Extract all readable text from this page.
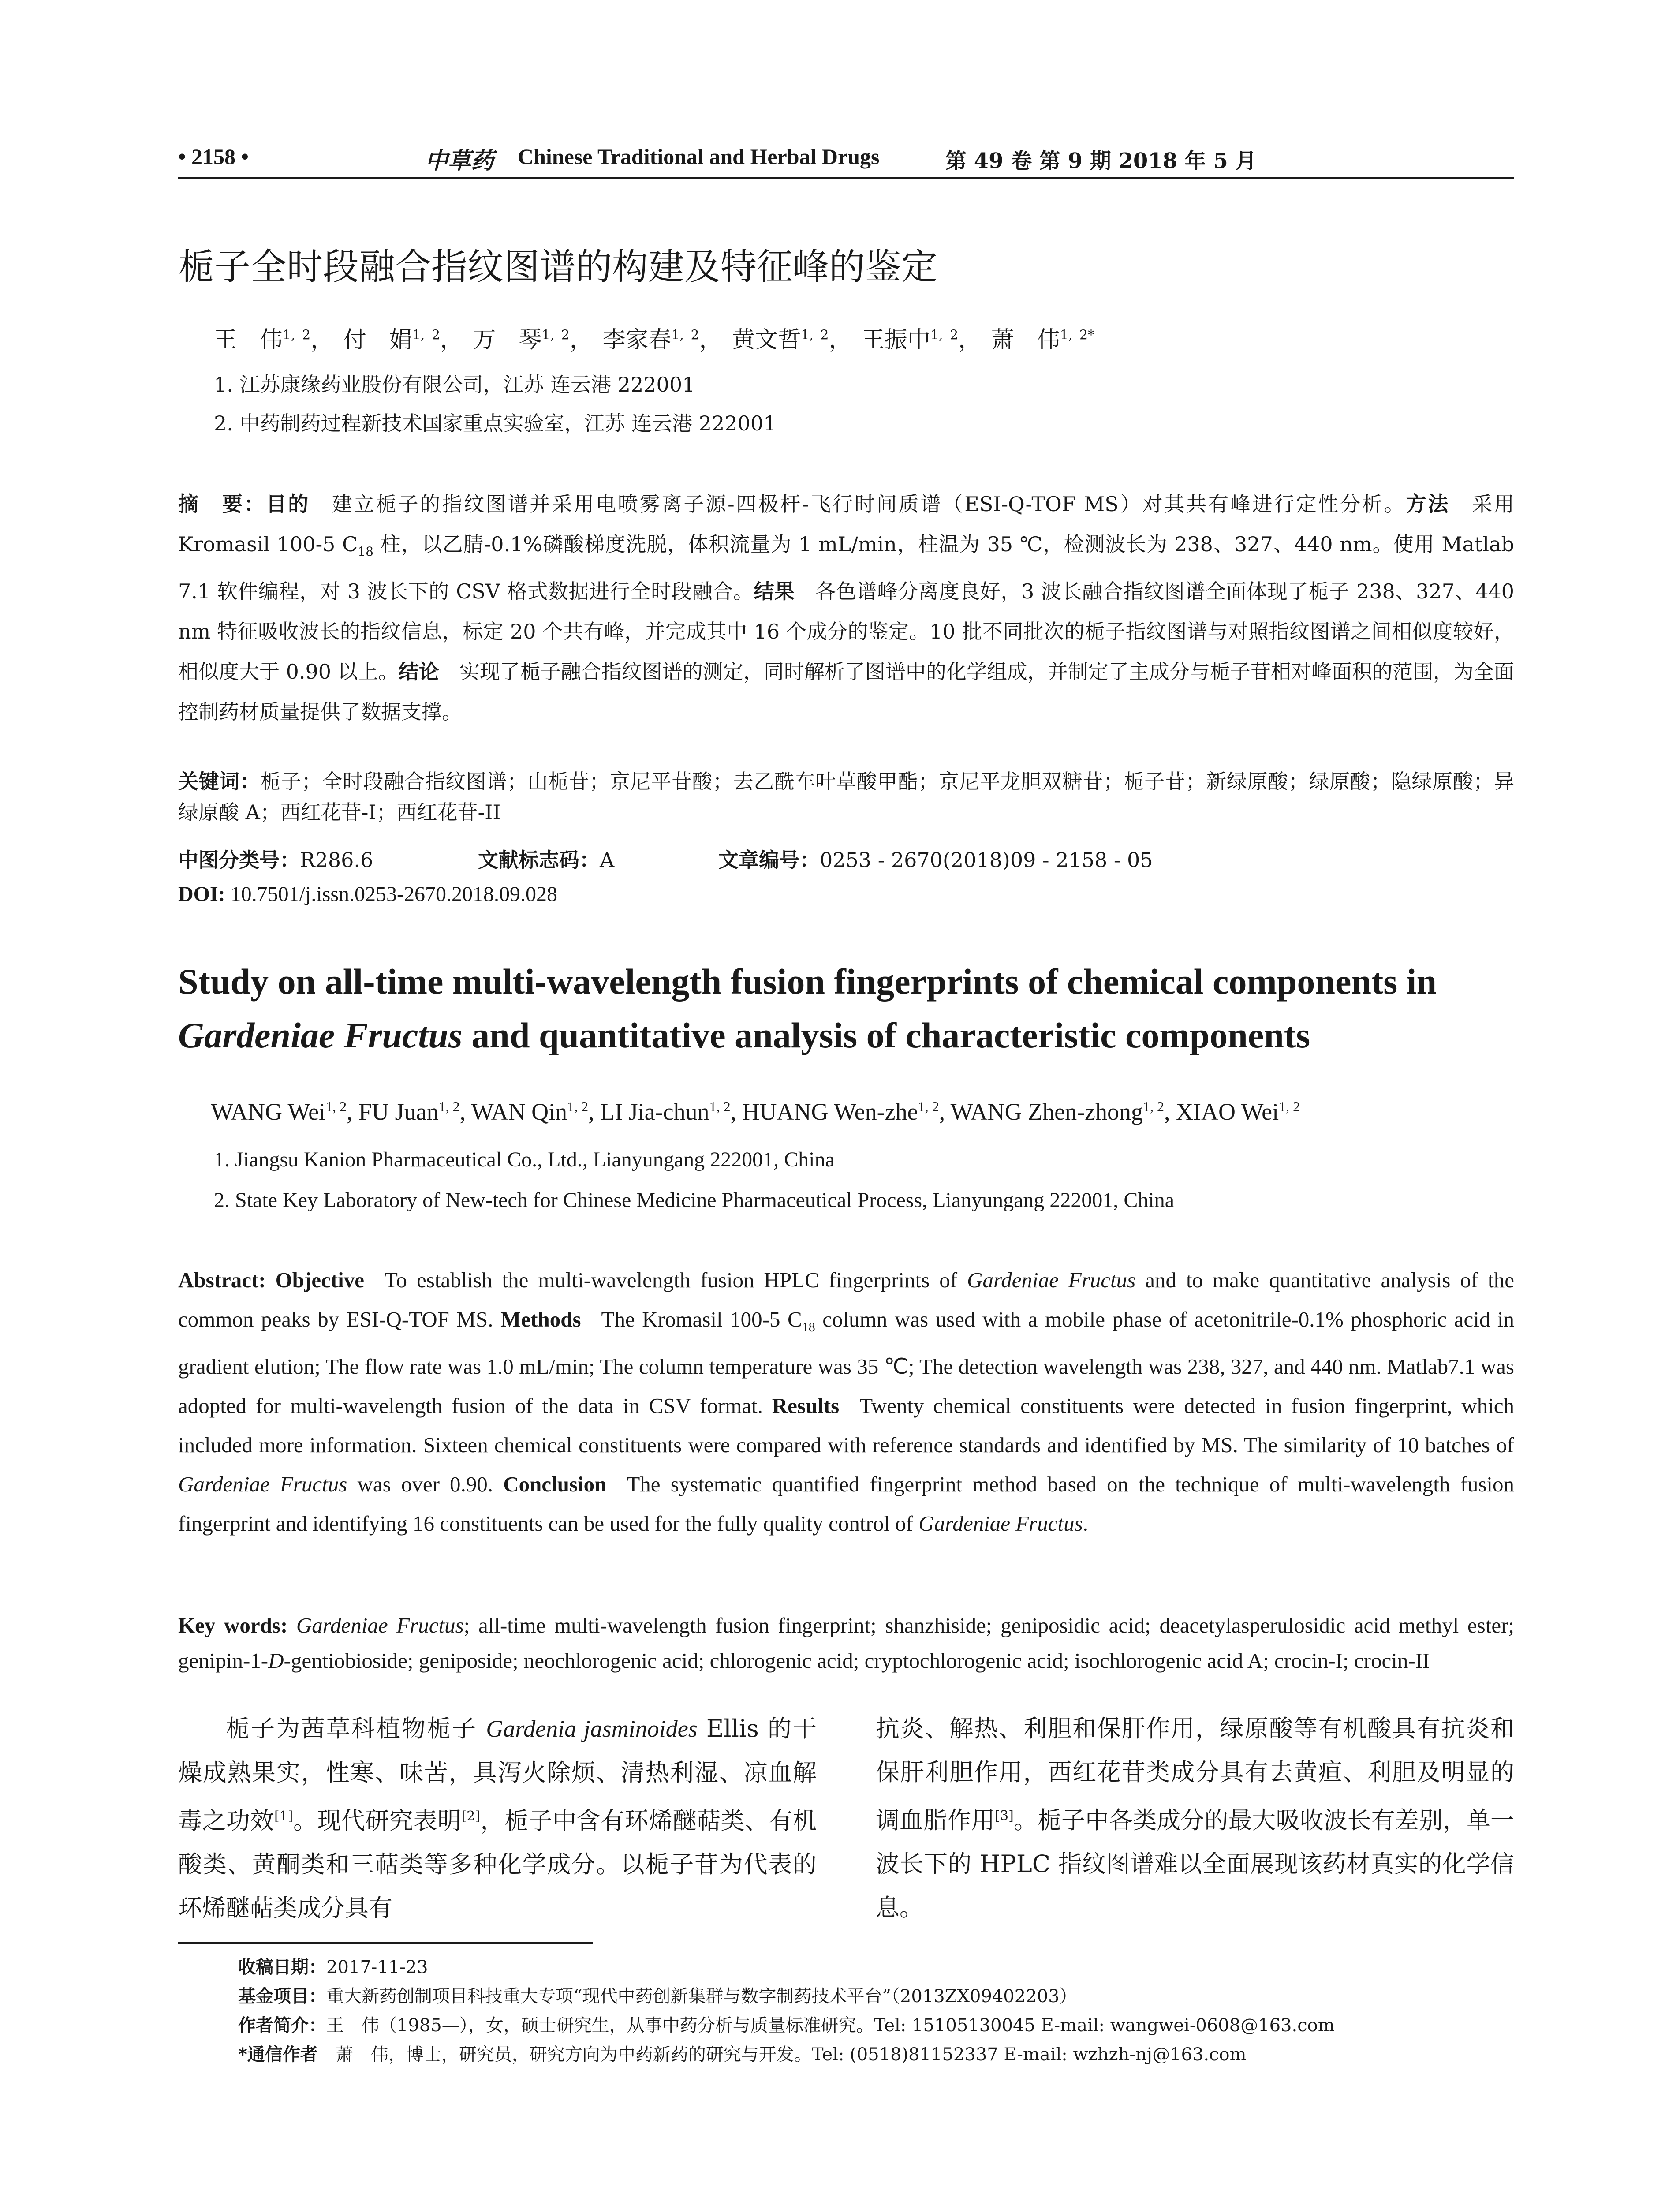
• 2158 •	中草药 Chinese Traditional and Herbal Drugs	第 49 卷 第 9 期 2018 年 5 月
栀子全时段融合指纹图谱的构建及特征峰的鉴定
王　伟$^{1, 2}$， 付　娟$^{1, 2}$， 万　琴$^{1, 2}$， 李家春$^{1, 2}$， 黄文哲$^{1, 2}$， 王振中$^{1, 2}$， 萧　伟$^{1, 2*}$
1. 江苏康缘药业股份有限公司，江苏 连云港 222001
2. 中药制药过程新技术国家重点实验室，江苏 连云港 222001
摘　要：目的 建立栀子的指纹图谱并采用电喷雾离子源-四极杆-飞行时间质谱（ESI-Q-TOF MS）对其共有峰进行定性分析。方法 采用 Kromasil 100-5 $C_{18}$ 柱，以乙腈-0.1%磷酸梯度洗脱，体积流量为 1 mL/min，柱温为 35 ℃，检测波长为 238、327、440 nm。使用 Matlab 7.1 软件编程，对 3 波长下的 CSV 格式数据进行全时段融合。结果 各色谱峰分离度良好，3 波长融合指纹图谱全面体现了栀子 238、327、440 nm 特征吸收波长的指纹信息，标定 20 个共有峰，并完成其中 16 个成分的鉴定。10 批不同批次的栀子指纹图谱与对照指纹图谱之间相似度较好，相似度大于 0.90 以上。结论 实现了栀子融合指纹图谱的测定，同时解析了图谱中的化学组成，并制定了主成分与栀子苷相对峰面积的范围，为全面控制药材质量提供了数据支撑。
关键词：栀子；全时段融合指纹图谱；山栀苷；京尼平苷酸；去乙酰车叶草酸甲酯；京尼平龙胆双糖苷；栀子苷；新绿原酸；绿原酸；隐绿原酸；异绿原酸 A；西红花苷-I；西红花苷-II
中图分类号：R286.6	文献标志码：A	文章编号：0253 - 2670(2018)09 - 2158 - 05
DOI: 10.7501/j.issn.0253-2670.2018.09.028
Study on all-time multi-wavelength fusion fingerprints of chemical components in
Gardeniae Fructus and quantitative analysis of characteristic components
WANG Wei$^{1, 2}$, FU Juan$^{1, 2}$, WAN Qin$^{1, 2}$, LI Jia-chun$^{1, 2}$, HUANG Wen-zhe$^{1, 2}$, WANG Zhen-zhong$^{1, 2}$, XIAO Wei$^{1, 2}$
1. Jiangsu Kanion Pharmaceutical Co., Ltd., Lianyungang 222001, China
2. State Key Laboratory of New-tech for Chinese Medicine Pharmaceutical Process, Lianyungang 222001, China
Abstract: Objective To establish the multi-wavelength fusion HPLC fingerprints of Gardeniae Fructus and to make quantitative analysis of the common peaks by ESI-Q-TOF MS. Methods The Kromasil 100-5 $C_{18}$ column was used with a mobile phase of acetonitrile-0.1% phosphoric acid in gradient elution; The flow rate was 1.0 mL/min; The column temperature was 35 ℃; The detection wavelength was 238, 327, and 440 nm. Matlab7.1 was adopted for multi-wavelength fusion of the data in CSV format. Results Twenty chemical constituents were detected in fusion fingerprint, which included more information. Sixteen chemical constituents were compared with reference standards and identified by MS. The similarity of 10 batches of Gardeniae Fructus was over 0.90. Conclusion The systematic quantified fingerprint method based on the technique of multi-wavelength fusion fingerprint and identifying 16 constituents can be used for the fully quality control of Gardeniae Fructus.
Key words: Gardeniae Fructus; all-time multi-wavelength fusion fingerprint; shanzhiside; geniposidic acid; deacetylasperulosidic acid methyl ester; genipin-1-D-gentiobioside; geniposide; neochlorogenic acid; chlorogenic acid; cryptochlorogenic acid; isochlorogenic acid A; crocin-I; crocin-II
栀子为茜草科植物栀子 Gardenia jasminoides Ellis 的干燥成熟果实，性寒、味苦，具泻火除烦、清热利湿、凉血解毒之功效[1]。现代研究表明[2]，栀子中含有环烯醚萜类、有机酸类、黄酮类和三萜类等多种化学成分。以栀子苷为代表的环烯醚萜类成分具有
抗炎、解热、利胆和保肝作用，绿原酸等有机酸具有抗炎和保肝利胆作用，西红花苷类成分具有去黄疸、利胆及明显的调血脂作用[3]。栀子中各类成分的最大吸收波长有差别，单一波长下的 HPLC 指纹图谱难以全面展现该药材真实的化学信息。
收稿日期：2017-11-23
基金项目：重大新药创制项目科技重大专项“现代中药创新集群与数字制药技术平台”（2013ZX09402203）
作者简介：王　伟（1985—），女，硕士研究生，从事中药分析与质量标准研究。Tel: 15105130045 E-mail: wangwei-0608@163.com
*通信作者　 萧　伟，博士，研究员，研究方向为中药新药的研究与开发。Tel: (0518)81152337 E-mail: wzhzh-nj@163.com
